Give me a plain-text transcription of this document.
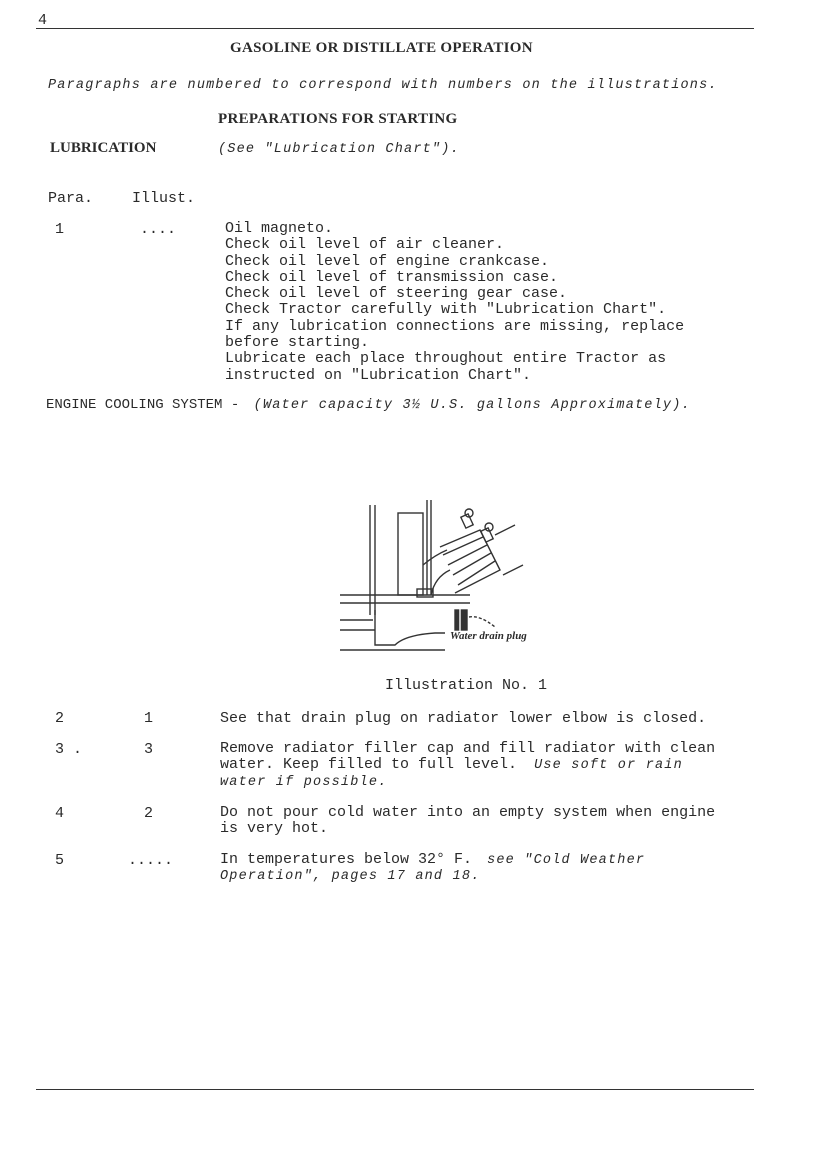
4
GASOLINE OR DISTILLATE OPERATION
Paragraphs are numbered to correspond with numbers on the illustrations.
PREPARATIONS FOR STARTING
LUBRICATION	(See "Lubrication Chart").
Para.	Illust.
1	....	Oil magneto.
Check oil level of air cleaner.
Check oil level of engine crankcase.
Check oil level of transmission case.
Check oil level of steering gear case.
Check Tractor carefully with "Lubrication Chart".
If any lubrication connections are missing, replace
before starting.
Lubricate each place throughout entire Tractor as
instructed on "Lubrication Chart".
ENGINE COOLING SYSTEM - (Water capacity 3½ U.S. gallons Approximately).
Water drain plug
Illustration No. 1
2	1	See that drain plug on radiator lower elbow is closed.
3 .	3	Remove radiator filler cap and fill radiator with clean
water. Keep filled to full level. Use soft or rain
water if possible.
4	2	Do not pour cold water into an empty system when engine
is very hot.
5	.....	In temperatures below 32° F. see "Cold Weather
Operation", pages 17 and 18.
